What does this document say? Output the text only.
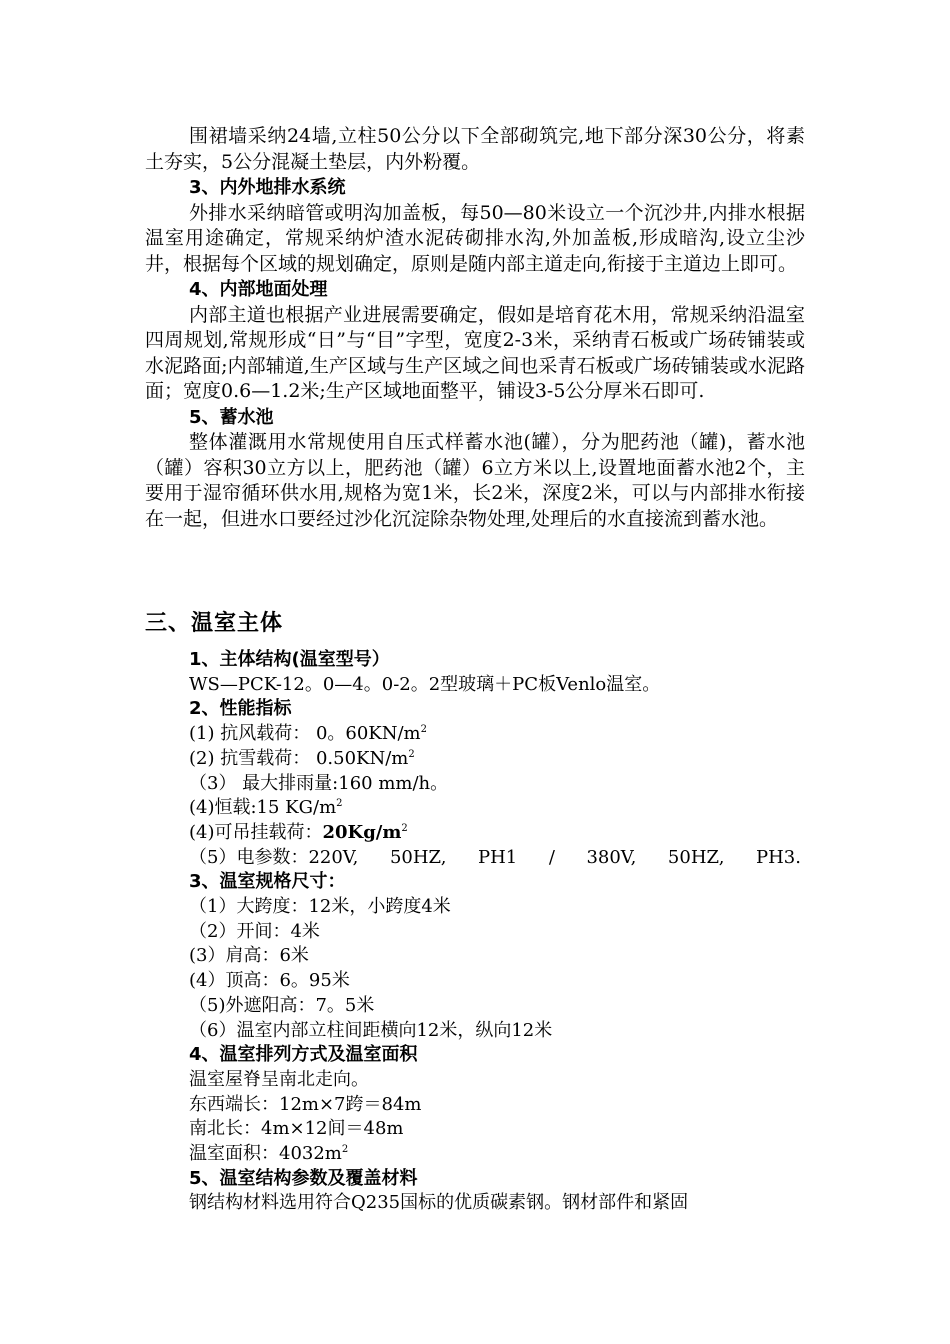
围裙墙采纳24墙,立柱50公分以下全部砌筑完,地下部分深30公分，将素土夯实，5公分混凝土垫层，内外粉覆。

3、内外地排水系统

外排水采纳暗管或明沟加盖板，每50—80米设立一个沉沙井,内排水根据温室用途确定，常规采纳炉渣水泥砖砌排水沟,外加盖板,形成暗沟,设立尘沙井，根据每个区域的规划确定，原则是随内部主道走向,衔接于主道边上即可。

4、内部地面处理

内部主道也根据产业进展需要确定，假如是培育花木用，常规采纳沿温室四周规划,常规形成“日”与“目”字型，宽度2-3米，采纳青石板或广场砖铺装或水泥路面;内部辅道,生产区域与生产区域之间也采青石板或广场砖铺装或水泥路面；宽度0.6—1.2米;生产区域地面整平，铺设3-5公分厚米石即可.

5、蓄水池

整体灌溉用水常规使用自压式样蓄水池(罐），分为肥药池（罐)，蓄水池（罐）容积30立方以上，肥药池（罐）6立方米以上,设置地面蓄水池2个，主要用于湿帘循环供水用,规格为宽1米，长2米，深度2米，可以与内部排水衔接在一起，但进水口要经过沙化沉淀除杂物处理,处理后的水直接流到蓄水池。

三、温室主体

1、主体结构(温室型号）

WS—PCK-12。0—4。0-2。2型玻璃＋PC板Venlo温室。

2、性能指标

(1) 抗风载荷： 0。$60KN/m^2$

(2) 抗雪载荷： $0.50KN/m^2$

（3） 最大排雨量:160 mm/h。

(4)恒载:15 $KG/m^2$

(4)可吊挂载荷：$20Kg/m^2$

（5）电参数：220V, 50HZ, PH1 / 380V, 50HZ, PH3.

3、温室规格尺寸：

（1）大跨度：12米，小跨度4米

（2）开间：4米

(3）肩高：6米

(4）顶高：6。95米

（5)外遮阳高：7。5米

（6）温室内部立柱间距横向12米，纵向12米

4、温室排列方式及温室面积

温室屋脊呈南北走向。

东西端长：12m×7跨＝84m

南北长：4m×12间＝48m

温室面积：$4032m^2$

5、温室结构参数及覆盖材料

钢结构材料选用符合Q235国标的优质碳素钢。钢材部件和紧固
